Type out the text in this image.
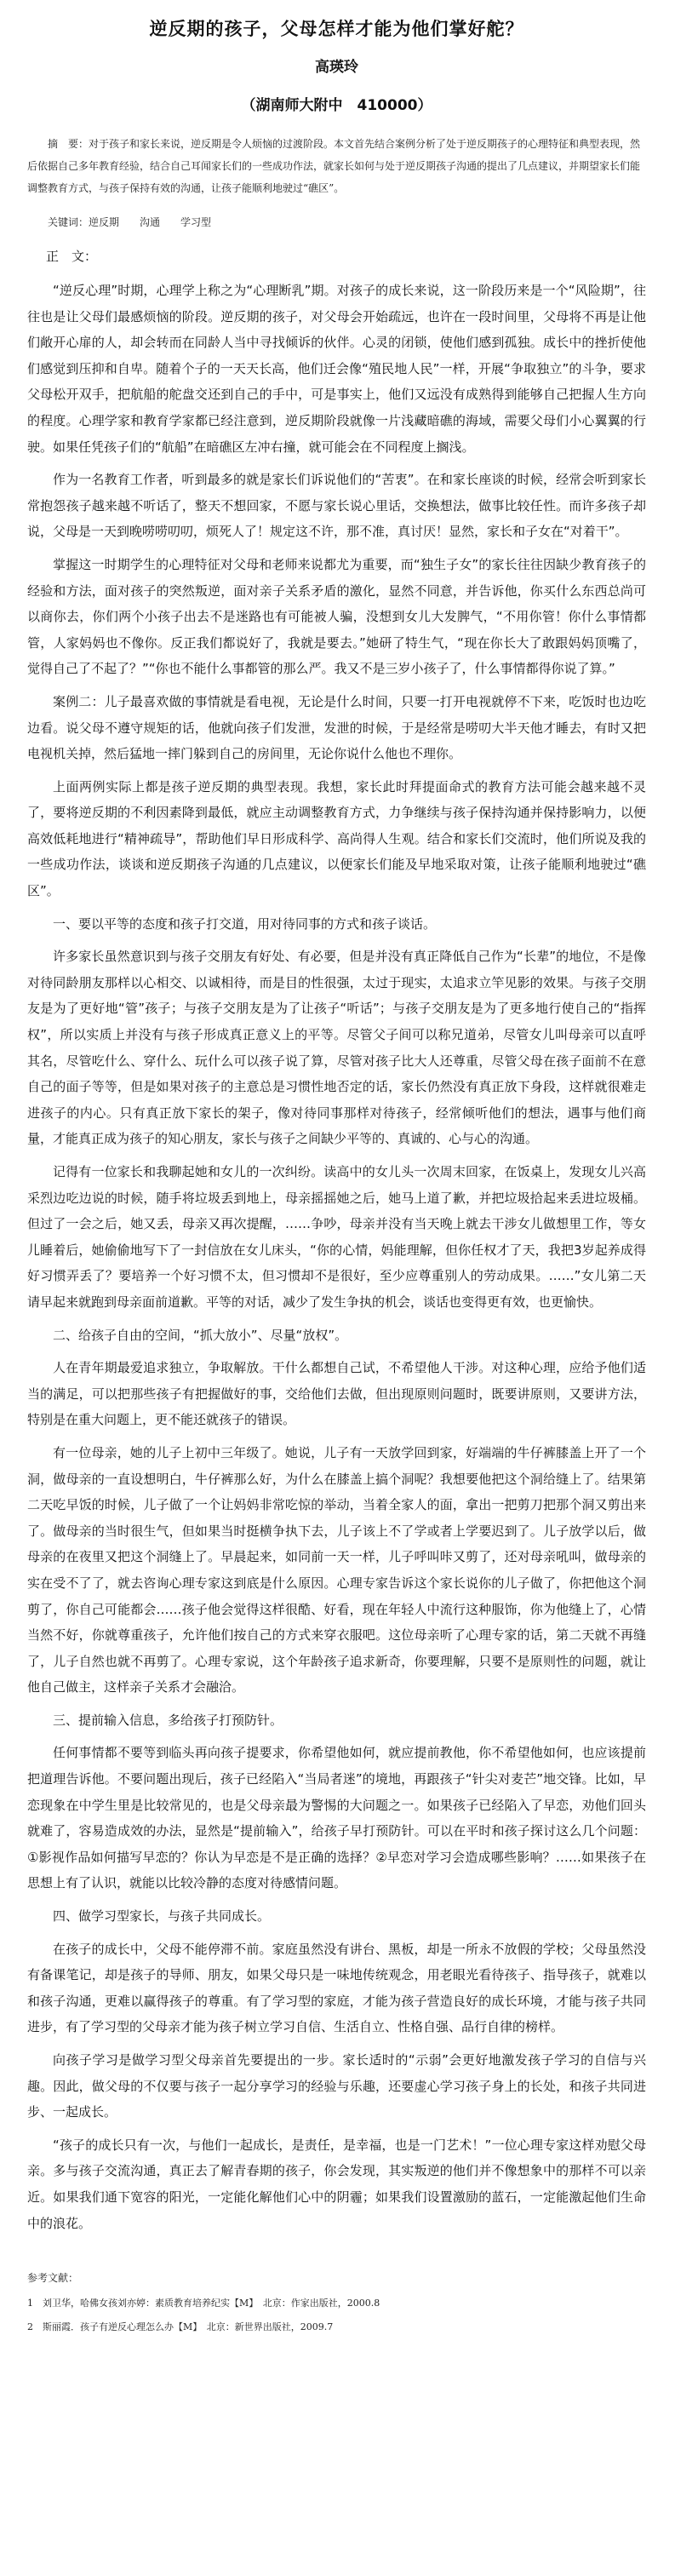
逆反期的孩子，父母怎样才能为他们掌好舵？
高瑛玲
（湖南师大附中　410000）

摘　要：对于孩子和家长来说，逆反期是令人烦恼的过渡阶段。本文首先结合案例分析了处于逆反期孩子的心理特征和典型表现，然后依据自己多年教育经验，结合自己耳闻家长们的一些成功作法，就家长如何与处于逆反期孩子沟通的提出了几点建议，并期望家长们能调整教育方式，与孩子保持有效的沟通，让孩子能顺利地驶过“礁区”。

关键词：逆反期　　沟通　　学习型

正　文：

“逆反心理”时期，心理学上称之为“心理断乳”期。对孩子的成长来说，这一阶段历来是一个“风险期”，往往也是让父母们最感烦恼的阶段。逆反期的孩子，对父母会开始疏远，也许在一段时间里，父母将不再是让他们敞开心扉的人，却会转而在同龄人当中寻找倾诉的伙伴。心灵的闭锁，使他们感到孤独。成长中的挫折使他们感觉到压抑和自卑。随着个子的一天天长高，他们迁会像“殖民地人民”一样，开展“争取独立”的斗争，要求父母松开双手，把航船的舵盘交还到自己的手中，可是事实上，他们又远没有成熟得到能够自己把握人生方向的程度。心理学家和教育学家都已经注意到，逆反期阶段就像一片浅藏暗礁的海域，需要父母们小心翼翼的行驶。如果任凭孩子们的“航船”在暗礁区左冲右撞，就可能会在不同程度上搁浅。

作为一名教育工作者，听到最多的就是家长们诉说他们的“苦衷”。在和家长座谈的时候，经常会听到家长常抱怨孩子越来越不听话了，整天不想回家，不愿与家长说心里话，交换想法，做事比较任性。而许多孩子却说，父母是一天到晚唠唠叨叨，烦死人了！规定这不许，那不准，真讨厌！显然，家长和子女在“对着干”。

掌握这一时期学生的心理特征对父母和老师来说都尤为重要，而“独生子女”的家长往往因缺少教育孩子的经验和方法，面对孩子的突然叛逆，面对亲子关系矛盾的激化，显然不同意，并告诉他，你买什么东西总尚可以商你去，你们两个小孩子出去不是迷路也有可能被人骗，没想到女儿大发脾气，“不用你管！你什么事情都管，人家妈妈也不像你。反正我们都说好了，我就是要去。”她研了特生气，“现在你长大了敢跟妈妈顶嘴了，觉得自己了不起了？”“你也不能什么事都管的那么严。我又不是三岁小孩子了，什么事情都得你说了算。”

案例二：儿子最喜欢做的事情就是看电视，无论是什么时间，只要一打开电视就停不下来，吃饭时也边吃边看。说父母不遵守规矩的话，他就向孩子们发泄，发泄的时候，于是经常是唠叨大半天他才睡去，有时又把电视机关掉，然后猛地一摔门躲到自己的房间里，无论你说什么他也不理你。

上面两例实际上都是孩子逆反期的典型表现。我想，家长此时拜提面命式的教育方法可能会越来越不灵了，要将逆反期的不利因素降到最低，就应主动调整教育方式，力争继续与孩子保持沟通并保持影响力，以便高效低耗地进行“精神疏导”，帮助他们早日形成科学、高尚得人生观。结合和家长们交流时，他们所说及我的一些成功作法，谈谈和逆反期孩子沟通的几点建议，以便家长们能及早地采取对策，让孩子能顺利地驶过“礁区”。

一、要以平等的态度和孩子打交道，用对待同事的方式和孩子谈话。

许多家长虽然意识到与孩子交朋友有好处、有必要，但是并没有真正降低自己作为“长辈”的地位，不是像对待同龄朋友那样以心相交、以诚相待，而是目的性很强，太过于现实，太追求立竿见影的效果。与孩子交朋友是为了更好地“管”孩子；与孩子交朋友是为了让孩子“听话”；与孩子交朋友是为了更多地行使自己的“指挥权”，所以实质上并没有与孩子形成真正意义上的平等。尽管父子间可以称兄道弟，尽管女儿叫母亲可以直呼其名，尽管吃什么、穿什么、玩什么可以孩子说了算，尽管对孩子比大人还尊重，尽管父母在孩子面前不在意自己的面子等等，但是如果对孩子的主意总是习惯性地否定的话，家长仍然没有真正放下身段，这样就很难走进孩子的内心。只有真正放下家长的架子，像对待同事那样对待孩子，经常倾听他们的想法，遇事与他们商量，才能真正成为孩子的知心朋友，家长与孩子之间缺少平等的、真诚的、心与心的沟通。

记得有一位家长和我聊起她和女儿的一次纠纷。读高中的女儿头一次周末回家，在饭桌上，发现女儿兴高采烈边吃边说的时候，随手将垃圾丢到地上，母亲摇摇她之后，她马上道了歉，并把垃圾拾起来丢进垃圾桶。但过了一会之后，她又丢，母亲又再次提醒，……争吵，母亲并没有当天晚上就去干涉女儿做想里工作，等女儿睡着后，她偷偷地写下了一封信放在女儿床头，“你的心情，妈能理解，但你任权才了天，我把3岁起养成得好习惯弄丢了？要培养一个好习惯不太，但习惯却不是很好，至少应尊重别人的劳动成果。……”女儿第二天请早起来就跑到母亲面前道歉。平等的对话，减少了发生争执的机会，谈话也变得更有效，也更愉快。

二、给孩子自由的空间，“抓大放小”、尽量“放权”。

人在青年期最爱追求独立，争取解放。干什么都想自己试，不希望他人干涉。对这种心理，应给予他们适当的满足，可以把那些孩子有把握做好的事，交给他们去做，但出现原则问题时，既要讲原则，又要讲方法，特别是在重大问题上，更不能还就孩子的错误。

有一位母亲，她的儿子上初中三年级了。她说，儿子有一天放学回到家，好端端的牛仔裤膝盖上开了一个洞，做母亲的一直设想明白，牛仔裤那么好，为什么在膝盖上搞个洞呢？我想要他把这个洞给缝上了。结果第二天吃早饭的时候，儿子做了一个让妈妈非常吃惊的举动，当着全家人的面，拿出一把剪刀把那个洞又剪出来了。做母亲的当时很生气，但如果当时挺横争执下去，儿子该上不了学或者上学要迟到了。儿子放学以后，做母亲的在夜里又把这个洞缝上了。早晨起来，如同前一天一样，儿子呼叫咔又剪了，还对母亲吼叫，做母亲的实在受不了了，就去咨询心理专家这到底是什么原因。心理专家告诉这个家长说你的儿子做了，你把他这个洞剪了，你自己可能都会……孩子他会觉得这样很酷、好看，现在年轻人中流行这种服饰，你为他缝上了，心情当然不好，你就尊重孩子，允许他们按自己的方式来穿衣服吧。这位母亲听了心理专家的话，第二天就不再缝了，儿子自然也就不再剪了。心理专家说，这个年龄孩子追求新奇，你要理解，只要不是原则性的问题，就让他自己做主，这样亲子关系才会融洽。

三、提前输入信息，多给孩子打预防针。

任何事情都不要等到临头再向孩子提要求，你希望他如何，就应提前教他，你不希望他如何，也应该提前把道理告诉他。不要问题出现后，孩子已经陷入“当局者迷”的境地，再跟孩子“针尖对麦芒”地交锋。比如，早恋现象在中学生里是比较常见的，也是父母亲最为警惕的大问题之一。如果孩子已经陷入了早恋，劝他们回头就难了，容易造成效的办法，显然是“提前输入”，给孩子早打预防针。可以在平时和孩子探讨这么几个问题：①影视作品如何描写早恋的？你认为早恋是不是正确的选择？②早恋对学习会造成哪些影响？……如果孩子在思想上有了认识，就能以比较冷静的态度对待感情问题。

四、做学习型家长，与孩子共同成长。

在孩子的成长中，父母不能停滞不前。家庭虽然没有讲台、黑板，却是一所永不放假的学校；父母虽然没有备课笔记，却是孩子的导师、朋友，如果父母只是一味地传统观念，用老眼光看待孩子、指导孩子，就难以和孩子沟通，更难以赢得孩子的尊重。有了学习型的家庭，才能为孩子营造良好的成长环境，才能与孩子共同进步，有了学习型的父母亲才能为孩子树立学习自信、生活自立、性格自强、品行自律的榜样。

向孩子学习是做学习型父母亲首先要提出的一步。家长适时的“示弱”会更好地激发孩子学习的自信与兴趣。因此，做父母的不仅要与孩子一起分享学习的经验与乐趣，还要虚心学习孩子身上的长处，和孩子共同进步、一起成长。

“孩子的成长只有一次，与他们一起成长，是责任，是幸福，也是一门艺术！”一位心理专家这样劝慰父母亲。多与孩子交流沟通，真正去了解青春期的孩子，你会发现，其实叛逆的他们并不像想象中的那样不可以亲近。如果我们通下宽容的阳光，一定能化解他们心中的阴霾；如果我们设置激励的蓝石，一定能激起他们生命中的浪花。

参考文献：

1　刘卫华，哈佛女孩刘亦婷：素质教育培养纪实【M】　北京：作家出版社，2000.8

2　斯丽霞．孩子有逆反心理怎么办【M】　北京：新世界出版社，2009.7
